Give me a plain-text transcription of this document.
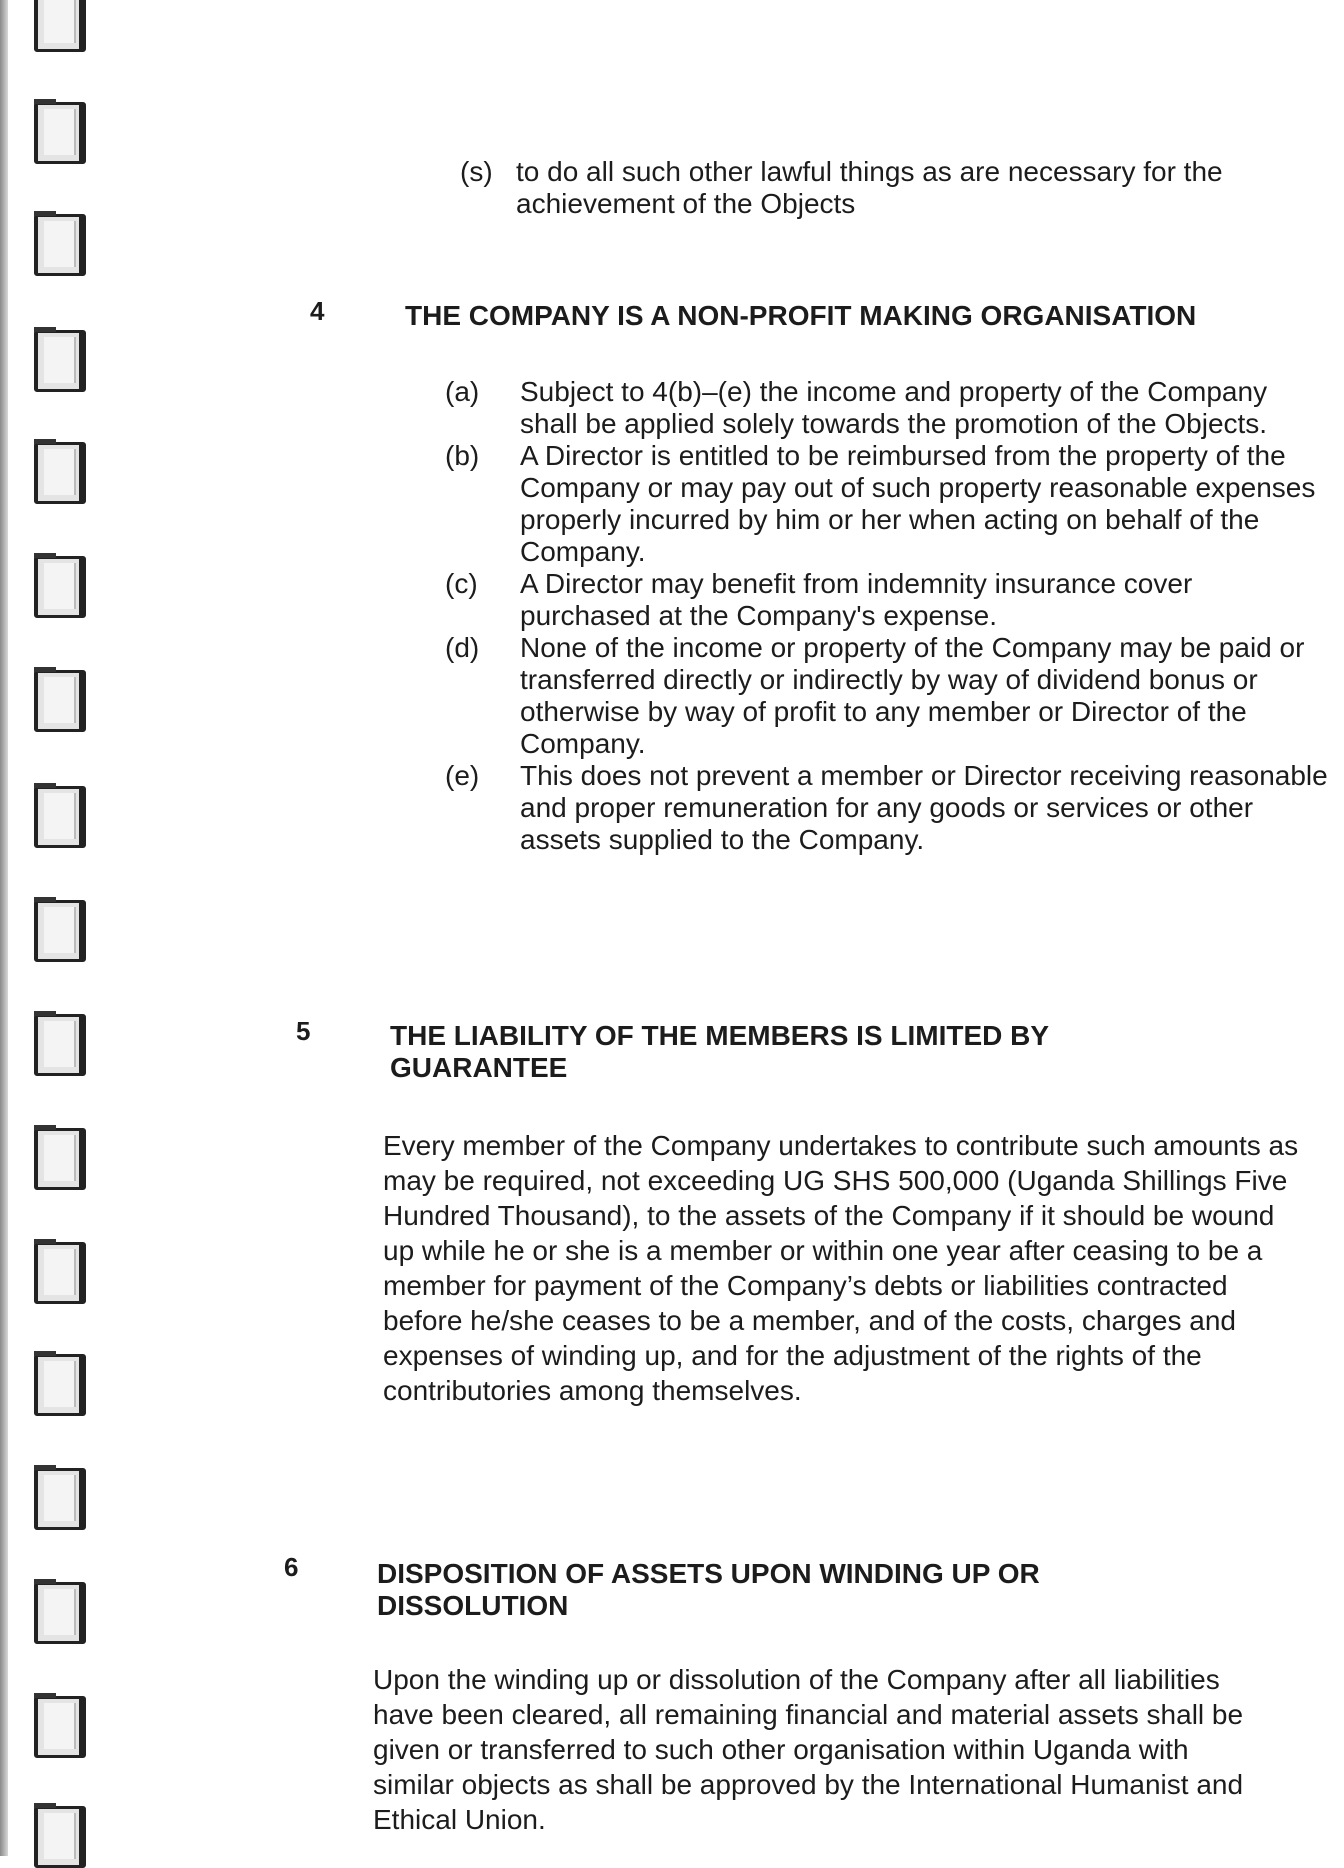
(s) to do all such other lawful things as are necessary for the achievement of the Objects
4	THE COMPANY IS A NON-PROFIT MAKING ORGANISATION

(a) Subject to 4(b)–(e) the income and property of the Company shall be applied solely towards the promotion of the Objects.
(b) A Director is entitled to be reimbursed from the property of the Company or may pay out of such property reasonable expenses properly incurred by him or her when acting on behalf of the Company.
(c) A Director may benefit from indemnity insurance cover purchased at the Company's expense.
(d) None of the income or property of the Company may be paid or transferred directly or indirectly by way of dividend bonus or otherwise by way of profit to any member or Director of the Company.
(e) This does not prevent a member or Director receiving reasonable and proper remuneration for any goods or services or other assets supplied to the Company.
5	THE LIABILITY OF THE MEMBERS IS LIMITED BY GUARANTEE

Every member of the Company undertakes to contribute such amounts as may be required, not exceeding UG SHS 500,000 (Uganda Shillings Five Hundred Thousand), to the assets of the Company if it should be wound up while he or she is a member or within one year after ceasing to be a member for payment of the Company’s debts or liabilities contracted before he/she ceases to be a member, and of the costs, charges and expenses of winding up, and for the adjustment of the rights of the contributories among themselves.

6	DISPOSITION OF ASSETS UPON WINDING UP OR DISSOLUTION

Upon the winding up or dissolution of the Company after all liabilities have been cleared, all remaining financial and material assets shall be given or transferred to such other organisation within Uganda with similar objects as shall be approved by the International Humanist and Ethical Union.
